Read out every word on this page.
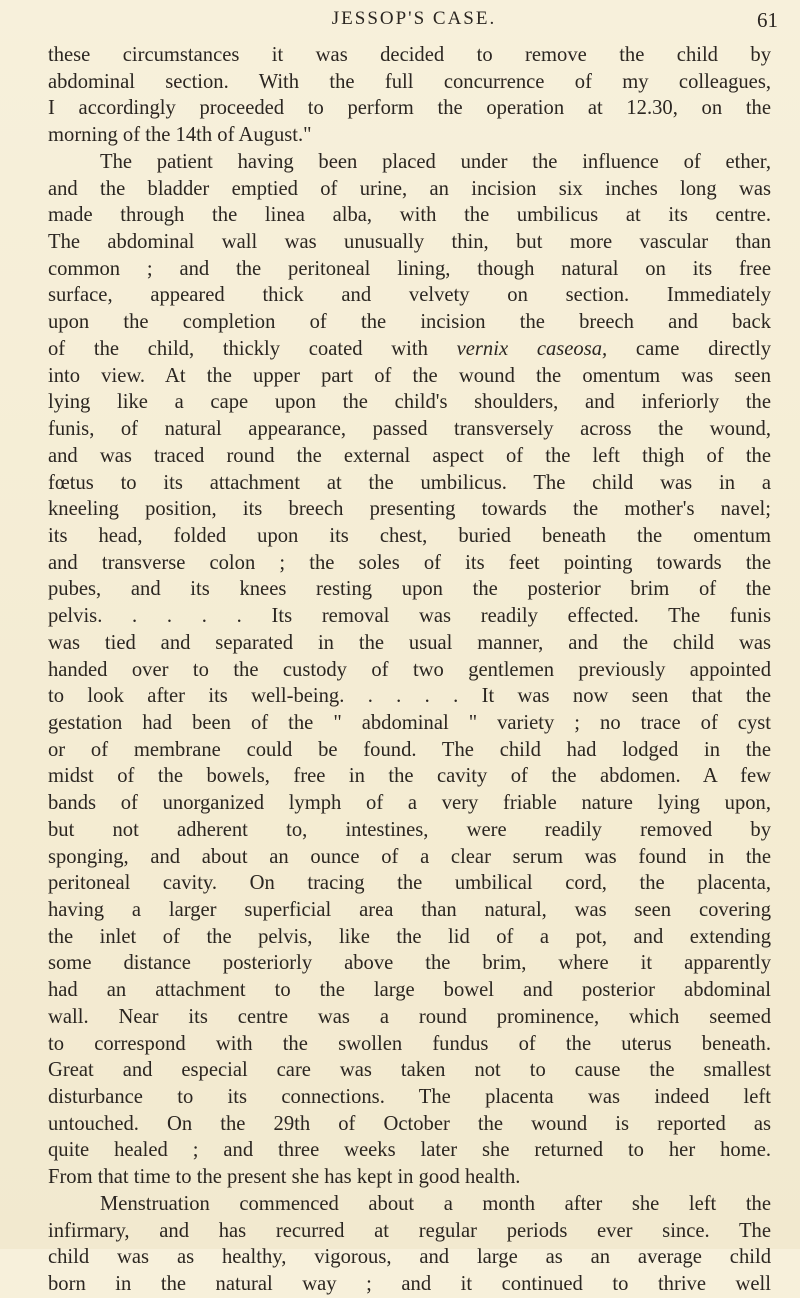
JESSOP'S CASE.	61

these circumstances it was decided to remove the child by
abdominal section. With the full concurrence of my colleagues,
I accordingly proceeded to perform the operation at 12.30, on the
morning of the 14th of August."

The patient having been placed under the influence of ether,
and the bladder emptied of urine, an incision six inches long was
made through the linea alba, with the umbilicus at its centre.
The abdominal wall was unusually thin, but more vascular than
common ; and the peritoneal lining, though natural on its free
surface, appeared thick and velvety on section. Immediately
upon the completion of the incision the breech and back
of the child, thickly coated with vernix caseosa, came directly
into view. At the upper part of the wound the omentum was seen
lying like a cape upon the child's shoulders, and inferiorly the
funis, of natural appearance, passed transversely across the wound,
and was traced round the external aspect of the left thigh of the
fœtus to its attachment at the umbilicus. The child was in a
kneeling position, its breech presenting towards the mother's navel;
its head, folded upon its chest, buried beneath the omentum
and transverse colon ; the soles of its feet pointing towards the
pubes, and its knees resting upon the posterior brim of the
pelvis. . . . . Its removal was readily effected. The funis
was tied and separated in the usual manner, and the child was
handed over to the custody of two gentlemen previously appointed
to look after its well-being. . . . . It was now seen that the
gestation had been of the " abdominal " variety ; no trace of cyst
or of membrane could be found. The child had lodged in the
midst of the bowels, free in the cavity of the abdomen. A few
bands of unorganized lymph of a very friable nature lying upon,
but not adherent to, intestines, were readily removed by
sponging, and about an ounce of a clear serum was found in the
peritoneal cavity. On tracing the umbilical cord, the placenta,
having a larger superficial area than natural, was seen covering
the inlet of the pelvis, like the lid of a pot, and extending
some distance posteriorly above the brim, where it apparently
had an attachment to the large bowel and posterior abdominal
wall. Near its centre was a round prominence, which seemed
to correspond with the swollen fundus of the uterus beneath.
Great and especial care was taken not to cause the smallest
disturbance to its connections. The placenta was indeed left
untouched. On the 29th of October the wound is reported as
quite healed ; and three weeks later she returned to her home.
From that time to the present she has kept in good health.

Menstruation commenced about a month after she left the
infirmary, and has recurred at regular periods ever since. The
child was as healthy, vigorous, and large as an average child
born in the natural way ; and it continued to thrive well
